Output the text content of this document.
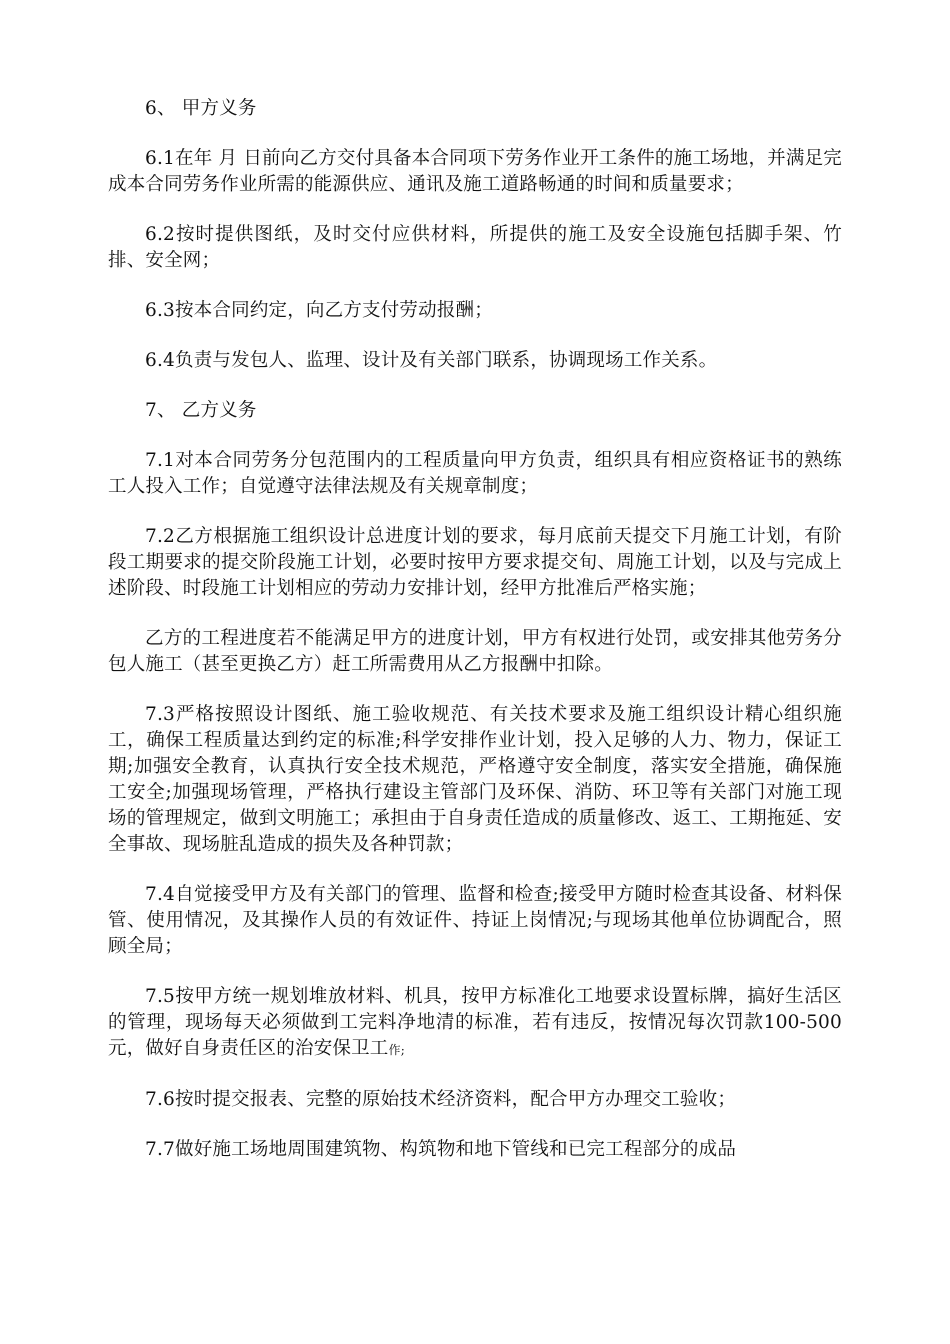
6、 甲方义务

6.1在年 月 日前向乙方交付具备本合同项下劳务作业开工条件的施工场地，并满足完成本合同劳务作业所需的能源供应、通讯及施工道路畅通的时间和质量要求；

6.2按时提供图纸，及时交付应供材料，所提供的施工及安全设施包括脚手架、竹排、安全网；

6.3按本合同约定，向乙方支付劳动报酬；

6.4负责与发包人、监理、设计及有关部门联系，协调现场工作关系。

7、 乙方义务

7.1对本合同劳务分包范围内的工程质量向甲方负责，组织具有相应资格证书的熟练工人投入工作；自觉遵守法律法规及有关规章制度；

7.2乙方根据施工组织设计总进度计划的要求，每月底前天提交下月施工计划，有阶段工期要求的提交阶段施工计划，必要时按甲方要求提交旬、周施工计划，以及与完成上述阶段、时段施工计划相应的劳动力安排计划，经甲方批准后严格实施；

乙方的工程进度若不能满足甲方的进度计划，甲方有权进行处罚，或安排其他劳务分包人施工（甚至更换乙方）赶工所需费用从乙方报酬中扣除。

7.3严格按照设计图纸、施工验收规范、有关技术要求及施工组织设计精心组织施工，确保工程质量达到约定的标准;科学安排作业计划，投入足够的人力、物力，保证工期;加强安全教育，认真执行安全技术规范，严格遵守安全制度，落实安全措施，确保施工安全;加强现场管理，严格执行建设主管部门及环保、消防、环卫等有关部门对施工现场的管理规定，做到文明施工；承担由于自身责任造成的质量修改、返工、工期拖延、安全事故、现场脏乱造成的损失及各种罚款；

7.4自觉接受甲方及有关部门的管理、监督和检查;接受甲方随时检查其设备、材料保管、使用情况，及其操作人员的有效证件、持证上岗情况;与现场其他单位协调配合，照顾全局；

7.5按甲方统一规划堆放材料、机具，按甲方标准化工地要求设置标牌，搞好生活区的管理，现场每天必须做到工完料净地清的标准，若有违反，按情况每次罚款100-500元，做好自身责任区的治安保卫工作;

7.6按时提交报表、完整的原始技术经济资料，配合甲方办理交工验收；

7.7做好施工场地周围建筑物、构筑物和地下管线和已完工程部分的成品
